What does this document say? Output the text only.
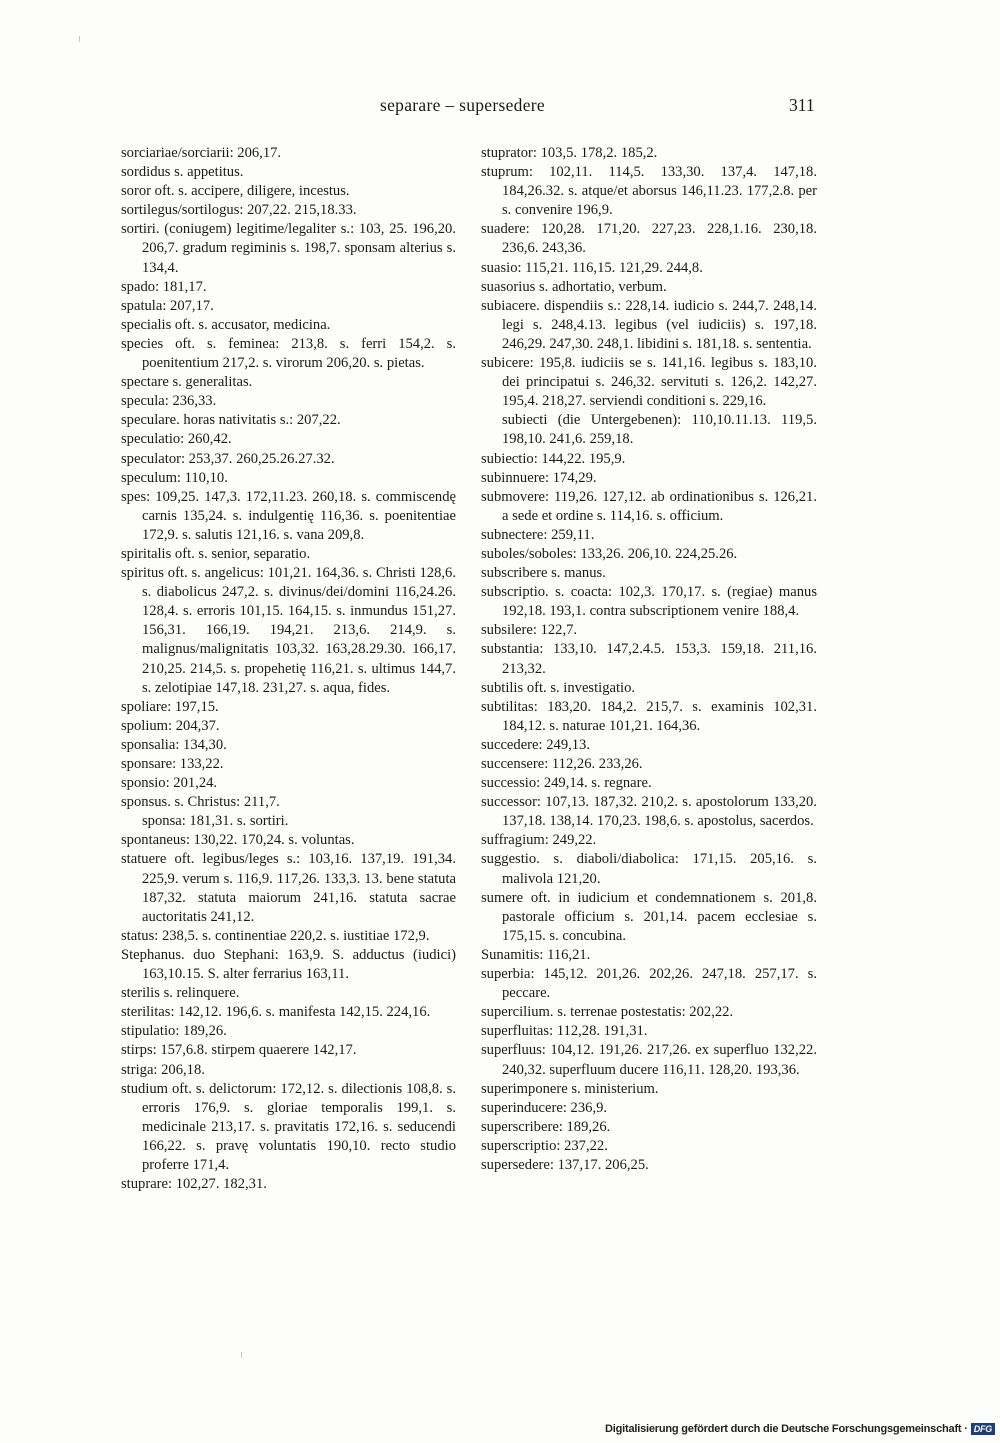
separare – supersedere	311
sorciariae/sorciarii: 206,17.
sordidus s. appetitus.
soror oft. s. accipere, diligere, incestus.
sortilegus/sortilogus: 207,22. 215,18.33.
sortiri. (coniugem) legitime/legaliter s.: 103, 25. 196,20. 206,7. gradum regiminis s. 198,7. sponsam alterius s. 134,4.
spado: 181,17.
spatula: 207,17.
specialis oft. s. accusator, medicina.
species oft. s. feminea: 213,8. s. ferri 154,2. s. poenitentium 217,2. s. virorum 206,20. s. pietas.
spectare s. generalitas.
specula: 236,33.
speculare. horas nativitatis s.: 207,22.
speculatio: 260,42.
speculator: 253,37. 260,25.26.27.32.
speculum: 110,10.
spes: 109,25. 147,3. 172,11.23. 260,18. s. commiscendę carnis 135,24. s. indulgentię 116,36. s. poenitentiae 172,9. s. salutis 121,16. s. vana 209,8.
spiritalis oft. s. senior, separatio.
spiritus oft. s. angelicus: 101,21. 164,36. s. Christi 128,6. s. diabolicus 247,2. s. divinus/dei/domini 116,24.26. 128,4. s. erroris 101,15. 164,15. s. inmundus 151,27. 156,31. 166,19. 194,21. 213,6. 214,9. s. malignus/malignitatis 103,32. 163,28.29.30. 166,17. 210,25. 214,5. s. propehetię 116,21. s. ultimus 144,7. s. zelotipiae 147,18. 231,27. s. aqua, fides.
spoliare: 197,15.
spolium: 204,37.
sponsalia: 134,30.
sponsare: 133,22.
sponsio: 201,24.
sponsus. s. Christus: 211,7.
sponsa: 181,31. s. sortiri.
spontaneus: 130,22. 170,24. s. voluntas.
statuere oft. legibus/leges s.: 103,16. 137,19. 191,34. 225,9. verum s. 116,9. 117,26. 133,3. 13. bene statuta 187,32. statuta maiorum 241,16. statuta sacrae auctoritatis 241,12.
status: 238,5. s. continentiae 220,2. s. iustitiae 172,9.
Stephanus. duo Stephani: 163,9. S. adductus (iudici) 163,10.15. S. alter ferrarius 163,11.
sterilis s. relinquere.
sterilitas: 142,12. 196,6. s. manifesta 142,15. 224,16.
stipulatio: 189,26.
stirps: 157,6.8. stirpem quaerere 142,17.
striga: 206,18.
studium oft. s. delictorum: 172,12. s. dilectionis 108,8. s. erroris 176,9. s. gloriae temporalis 199,1. s. medicinale 213,17. s. pravitatis 172,16. s. seducendi 166,22. s. pravę voluntatis 190,10. recto studio proferre 171,4.
stuprare: 102,27. 182,31.
stuprator: 103,5. 178,2. 185,2.
stuprum: 102,11. 114,5. 133,30. 137,4. 147,18. 184,26.32. s. atque/et aborsus 146,11.23. 177,2.8. per s. convenire 196,9.
suadere: 120,28. 171,20. 227,23. 228,1.16. 230,18. 236,6. 243,36.
suasio: 115,21. 116,15. 121,29. 244,8.
suasorius s. adhortatio, verbum.
subiacere. dispendiis s.: 228,14. iudicio s. 244,7. 248,14. legi s. 248,4.13. legibus (vel iudiciis) s. 197,18. 246,29. 247,30. 248,1. libidini s. 181,18. s. sententia.
subicere: 195,8. iudiciis se s. 141,16. legibus s. 183,10. dei principatui s. 246,32. servituti s. 126,2. 142,27. 195,4. 218,27. serviendi conditioni s. 229,16.
subiecti (die Untergebenen): 110,10.11.13. 119,5. 198,10. 241,6. 259,18.
subiectio: 144,22. 195,9.
subinnuere: 174,29.
submovere: 119,26. 127,12. ab ordinationibus s. 126,21. a sede et ordine s. 114,16. s. officium.
subnectere: 259,11.
suboles/soboles: 133,26. 206,10. 224,25.26.
subscribere s. manus.
subscriptio. s. coacta: 102,3. 170,17. s. (regiae) manus 192,18. 193,1. contra subscriptionem venire 188,4.
subsilere: 122,7.
substantia: 133,10. 147,2.4.5. 153,3. 159,18. 211,16. 213,32.
subtilis oft. s. investigatio.
subtilitas: 183,20. 184,2. 215,7. s. examinis 102,31. 184,12. s. naturae 101,21. 164,36.
succedere: 249,13.
succensere: 112,26. 233,26.
successio: 249,14. s. regnare.
successor: 107,13. 187,32. 210,2. s. apostolorum 133,20. 137,18. 138,14. 170,23. 198,6. s. apostolus, sacerdos.
suffragium: 249,22.
suggestio. s. diaboli/diabolica: 171,15. 205,16. s. malivola 121,20.
sumere oft. in iudicium et condemnationem s. 201,8. pastorale officium s. 201,14. pacem ecclesiae s. 175,15. s. concubina.
Sunamitis: 116,21.
superbia: 145,12. 201,26. 202,26. 247,18. 257,17. s. peccare.
supercilium. s. terrenae postestatis: 202,22.
superfluitas: 112,28. 191,31.
superfluus: 104,12. 191,26. 217,26. ex superfluo 132,22. 240,32. superfluum ducere 116,11. 128,20. 193,36.
superimponere s. ministerium.
superinducere: 236,9.
superscribere: 189,26.
superscriptio: 237,22.
supersedere: 137,17. 206,25.
Digitalisierung gefördert durch die Deutsche Forschungsgemeinschaft · DFG
